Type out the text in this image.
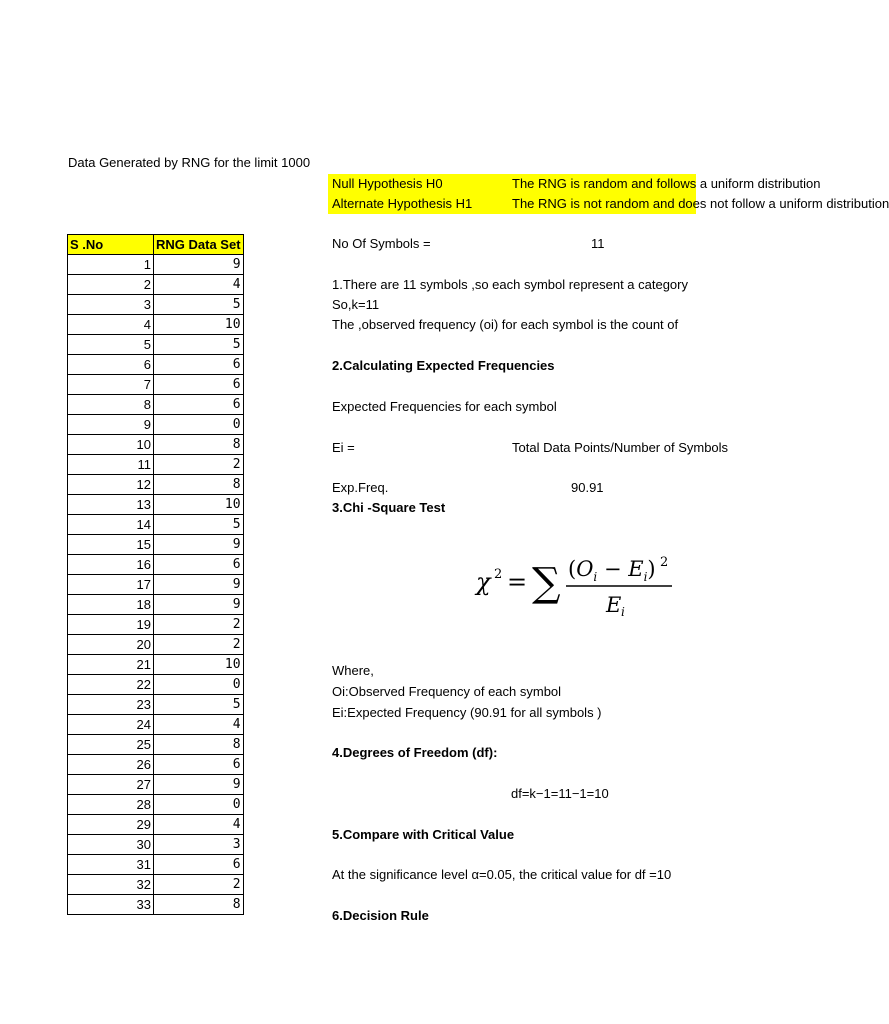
Data Generated by RNG for the limit 1000
Null Hypothesis H0	The RNG is random and follows a uniform distribution
Alternate Hypothesis H1	The RNG is not random and does not follow a uniform distribution
S .No	RNG Data Set
1	9
2	4
3	5
4	10
5	5
6	6
7	6
8	6
9	0
10	8
11	2
12	8
13	10
14	5
15	9
16	6
17	9
18	9
19	2
20	2
21	10
22	0
23	5
24	4
25	8
26	6
27	9
28	0
29	4
30	3
31	6
32	2
33	8
No Of Symbols =	11
1.There are 11 symbols ,so each symbol represent a category
So,k=11
The ,observed frequency (oi) for each symbol is the count of
2.Calculating Expected Frequencies
Expected Frequencies for each symbol
Ei =	Total Data Points/Number of Symbols
Exp.Freq.	90.91
3.Chi -Square Test
χ 2 = ∑ $(O_i - E_i)$ 2
E i
Where,
Oi:Observed Frequency of each symbol
Ei:Expected Frequency (90.91 for all symbols )
4.Degrees of Freedom (df):
df=k−1=11−1=10
5.Compare with Critical Value
At the significance level α=0.05, the critical value for df =10
6.Decision Rule
